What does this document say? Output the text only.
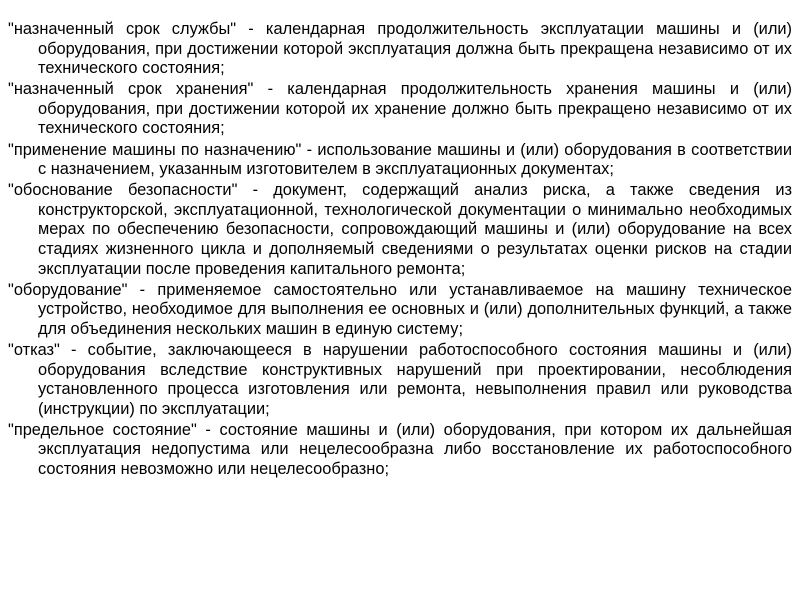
"назначенный срок службы" - календарная продолжительность эксплуатации машины и (или) оборудования, при достижении которой эксплуатация должна быть прекращена независимо от их технического состояния;

"назначенный срок хранения" - календарная продолжительность хранения машины и (или) оборудования, при достижении которой их хранение должно быть прекращено независимо от их технического состояния;

"применение машины по назначению" - использование машины и (или) оборудования в соответствии с назначением, указанным изготовителем в эксплуатационных документах;

"обоснование безопасности" - документ, содержащий анализ риска, а также сведения из конструкторской, эксплуатационной, технологической документации о минимально необходимых мерах по обеспечению безопасности, сопровождающий машины и (или) оборудование на всех стадиях жизненного цикла и дополняемый сведениями о результатах оценки рисков на стадии эксплуатации после проведения капитального ремонта;

"оборудование" - применяемое самостоятельно или устанавливаемое на машину техническое устройство, необходимое для выполнения ее основных и (или) дополнительных функций, а также для объединения нескольких машин в единую систему;

"отказ" - событие, заключающееся в нарушении работоспособного состояния машины и (или) оборудования вследствие конструктивных нарушений при проектировании, несоблюдения установленного процесса изготовления или ремонта, невыполнения правил или руководства (инструкции) по эксплуатации;

"предельное состояние" - состояние машины и (или) оборудования, при котором их дальнейшая эксплуатация недопустима или нецелесообразна либо восстановление их работоспособного состояния невозможно или нецелесообразно;
